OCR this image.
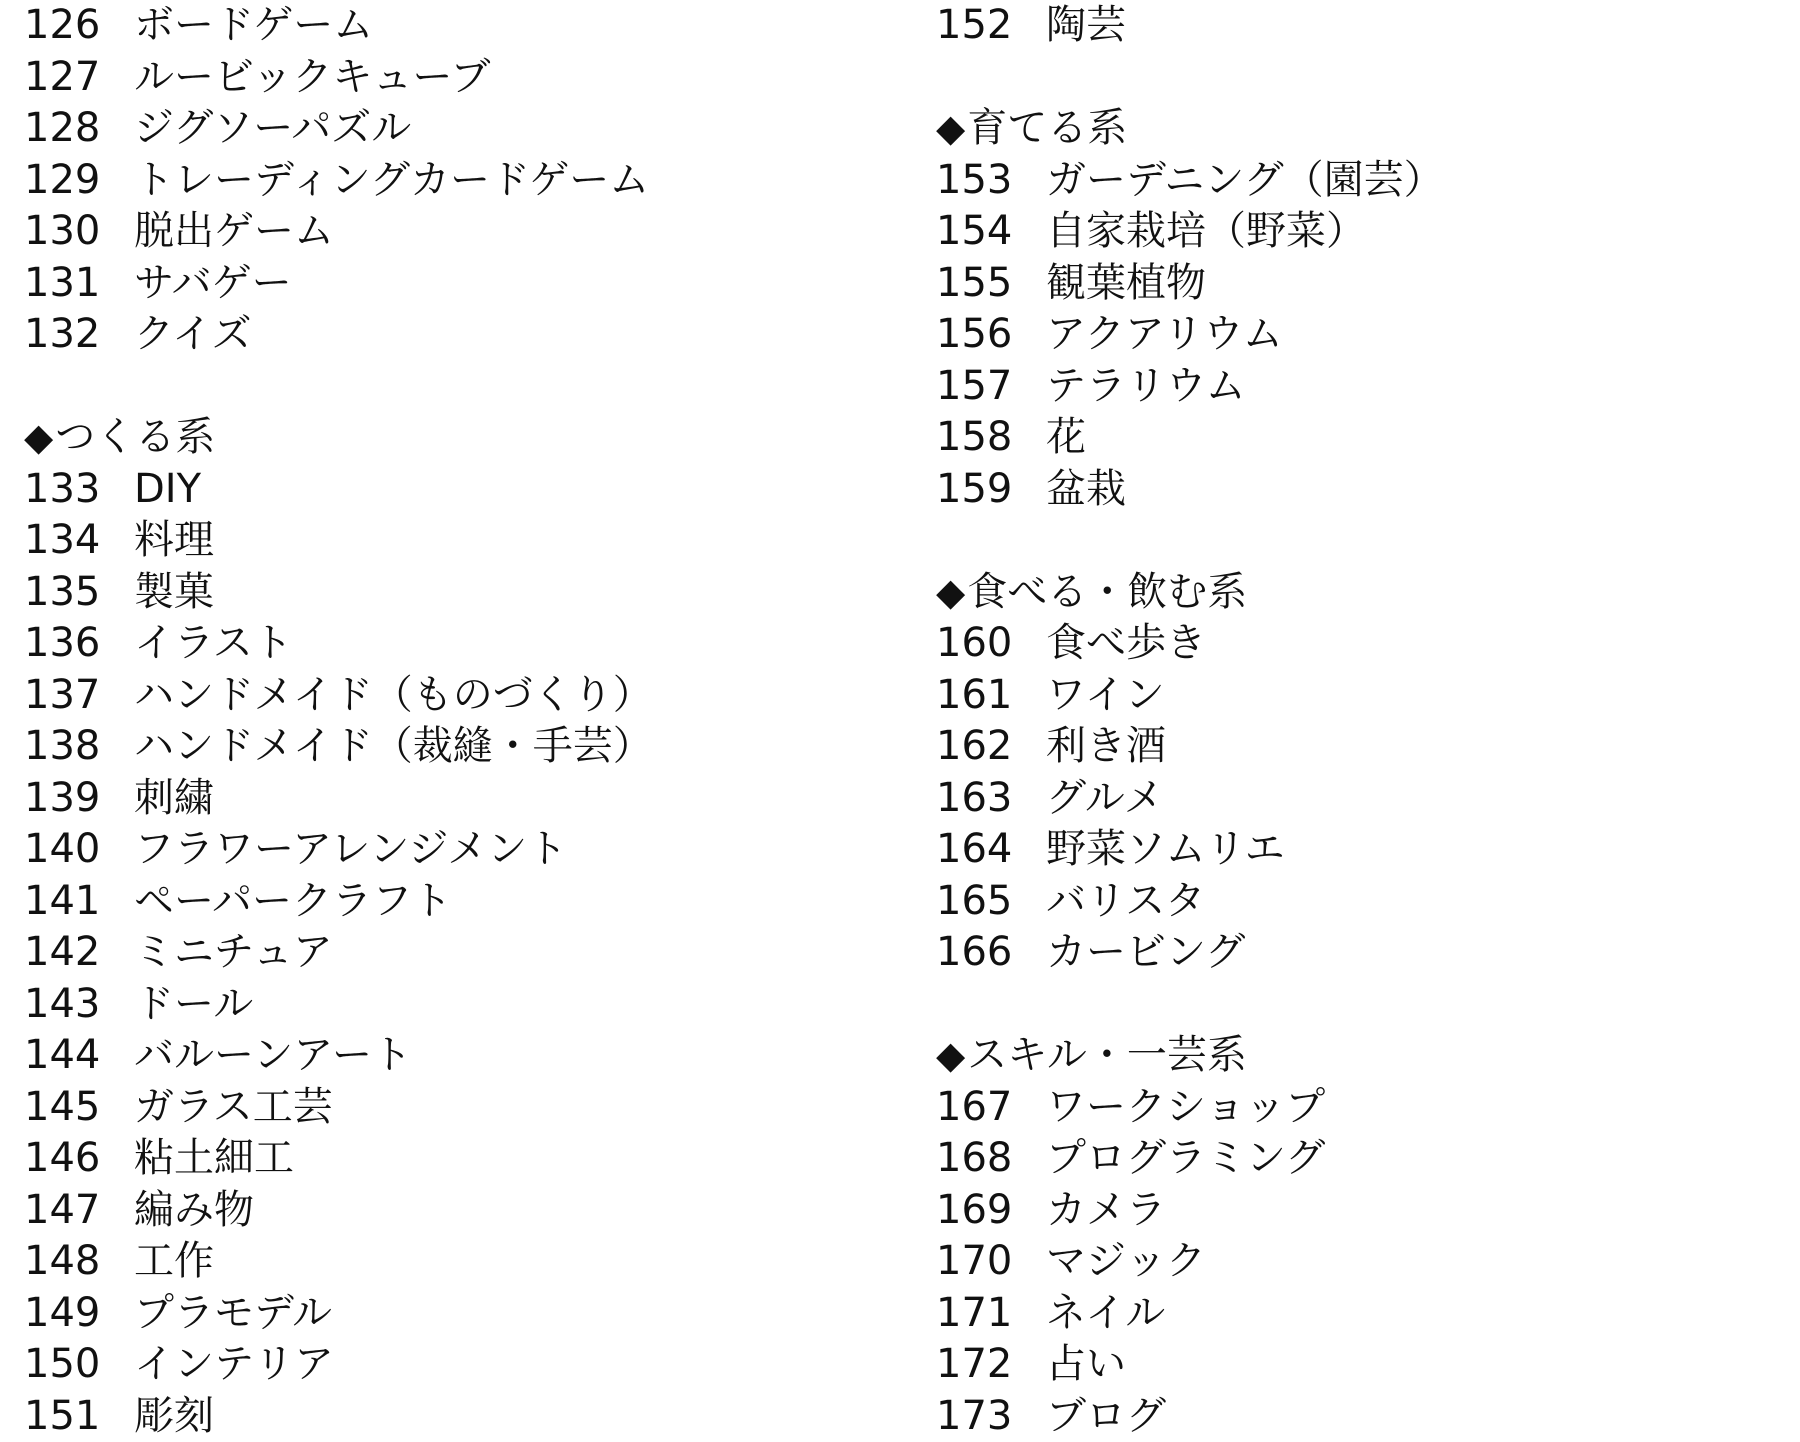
126 ボードゲーム
127 ルービックキューブ
128 ジグソーパズル
129 トレーディングカードゲーム
130 脱出ゲーム
131 サバゲー
132 クイズ
◆ つくる系
133 DIY
134 料理
135 製菓
136 イラスト
137 ハンドメイド（ものづくり）
138 ハンドメイド（裁縫・手芸）
139 刺繍
140 フラワーアレンジメント
141 ペーパークラフト
142 ミニチュア
143 ドール
144 バルーンアート
145 ガラス工芸
146 粘土細工
147 編み物
148 工作
149 プラモデル
150 インテリア
151 彫刻
152 陶芸
◆ 育てる系
153 ガーデニング（園芸）
154 自家栽培（野菜）
155 観葉植物
156 アクアリウム
157 テラリウム
158 花
159 盆栽
◆ 食べる・飲む系
160 食べ歩き
161 ワイン
162 利き酒
163 グルメ
164 野菜ソムリエ
165 バリスタ
166 カービング
◆ スキル・一芸系
167 ワークショップ
168 プログラミング
169 カメラ
170 マジック
171 ネイル
172 占い
173 ブログ
